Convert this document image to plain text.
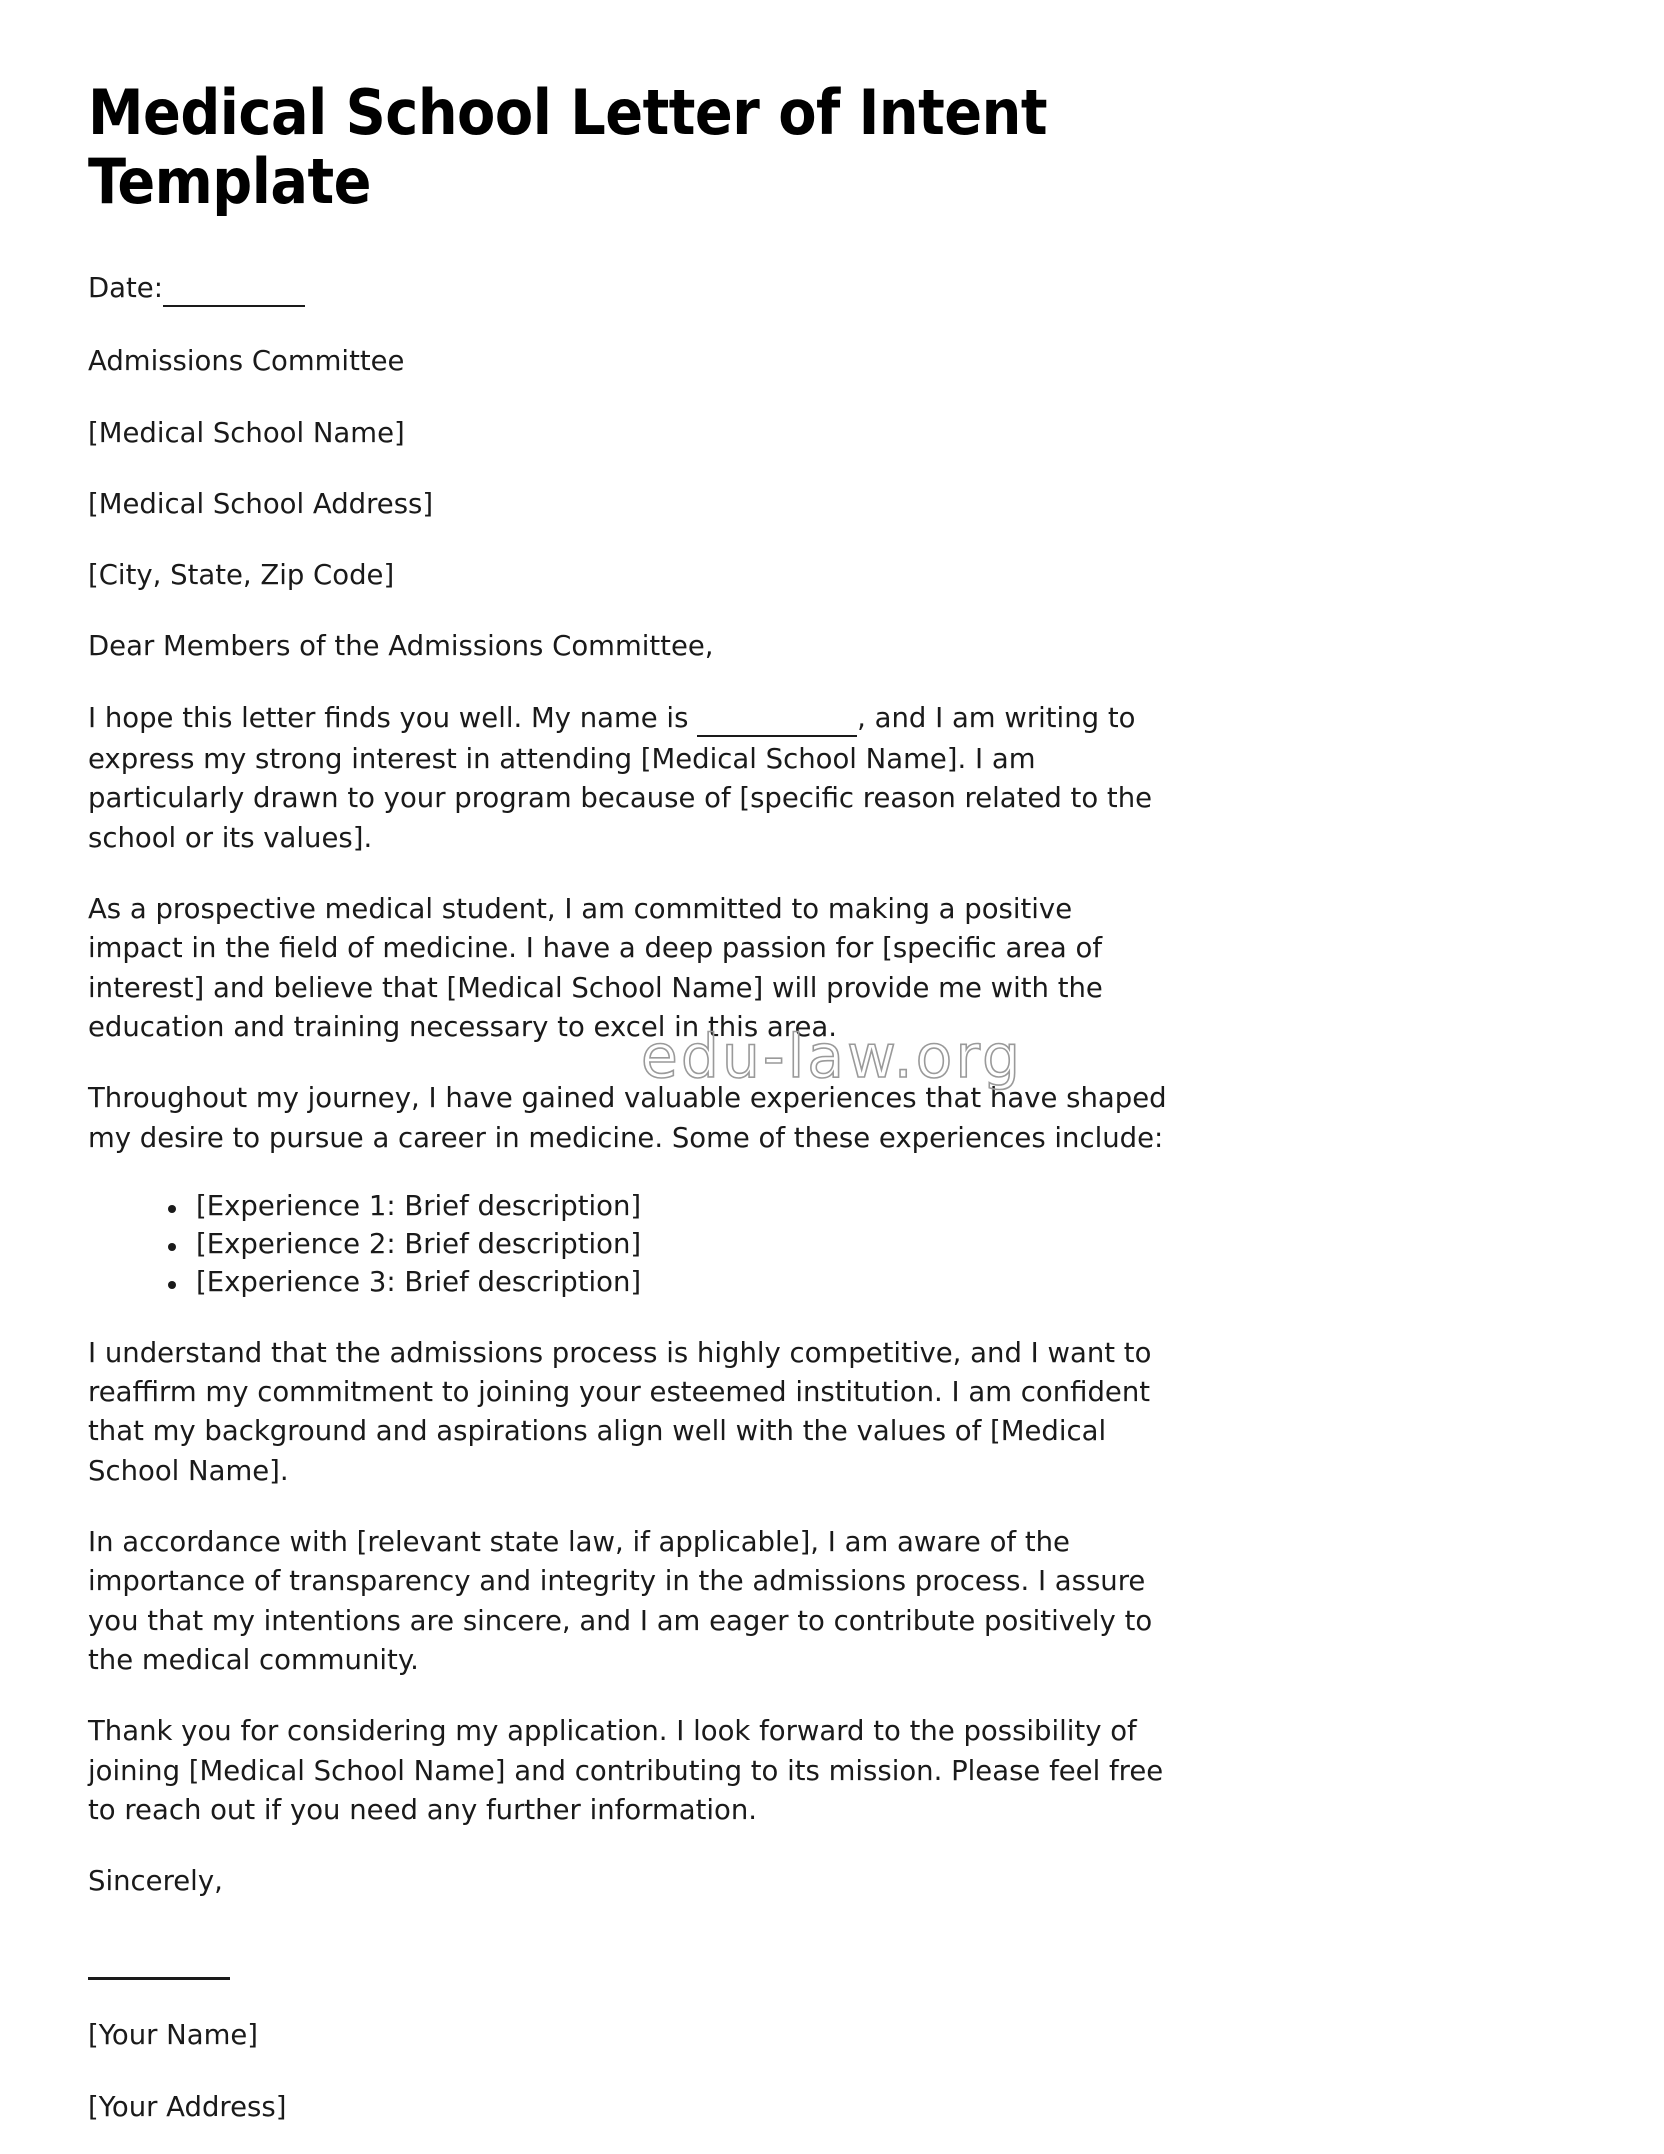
edu-law.org
Medical School Letter of Intent Template

Date:

Admissions Committee

[Medical School Name]

[Medical School Address]

[City, State, Zip Code]

Dear Members of the Admissions Committee,

I hope this letter finds you well. My name is	, and I am writing to express my strong interest in attending [Medical School Name]. I am particularly drawn to your program because of [specific reason related to the school or its values].

As a prospective medical student, I am committed to making a positive impact in the field of medicine. I have a deep passion for [specific area of interest] and believe that [Medical School Name] will provide me with the education and training necessary to excel in this area.

Throughout my journey, I have gained valuable experiences that have shaped my desire to pursue a career in medicine. Some of these experiences include:

[Experience 1: Brief description]
[Experience 2: Brief description]
[Experience 3: Brief description]

I understand that the admissions process is highly competitive, and I want to reaffirm my commitment to joining your esteemed institution. I am confident that my background and aspirations align well with the values of [Medical School Name].

In accordance with [relevant state law, if applicable], I am aware of the importance of transparency and integrity in the admissions process. I assure you that my intentions are sincere, and I am eager to contribute positively to the medical community.

Thank you for considering my application. I look forward to the possibility of joining [Medical School Name] and contributing to its mission. Please feel free to reach out if you need any further information.

Sincerely,

[Your Name]

[Your Address]
